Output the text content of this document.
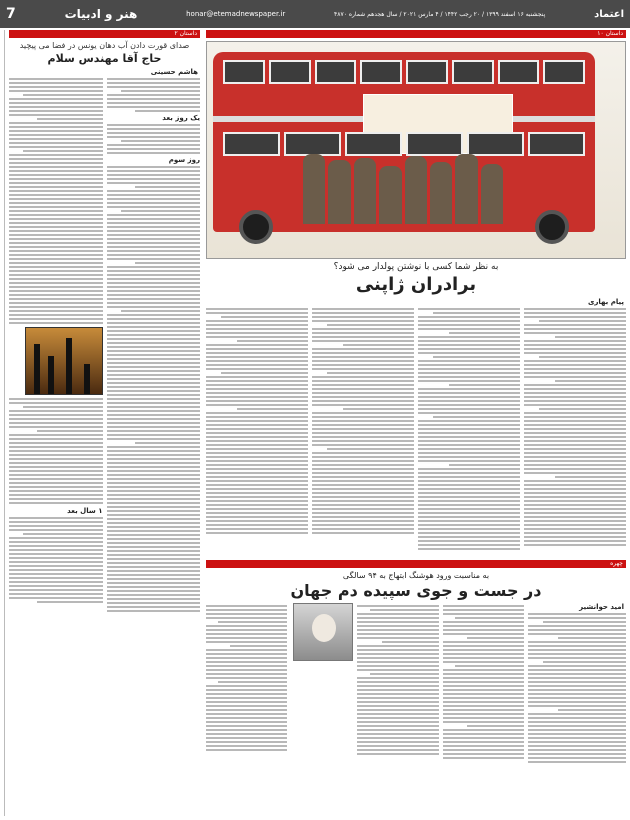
اعتماد
پنجشنبه ۱۶ اسفند ۱۳۹۹ / ۲۰ رجب ۱۴۴۲ / ۴ مارس ۲۰۲۱ / سال هجدهم شماره ۴۸۷۰
honar@etemadnewspaper.ir
هنر و ادبیات
7
داستان ۱۰
به نظر شما کسی با نوشتن پولدار می شود؟
برادران ژاپنی
پیام بهاری
چهره
به مناسبت ورود هوشنگ ابتهاج به ۹۴ سالگی
در جست و جوی سپیده دم جهان
امید حوانشیر
داستان ۲
صدای قورت دادن آب دهان یونس در فضا می پیچید
حاج آقا مهندس سلام
هاشم حسینی
یک روز بعد
روز سوم
۱ سال بعد
